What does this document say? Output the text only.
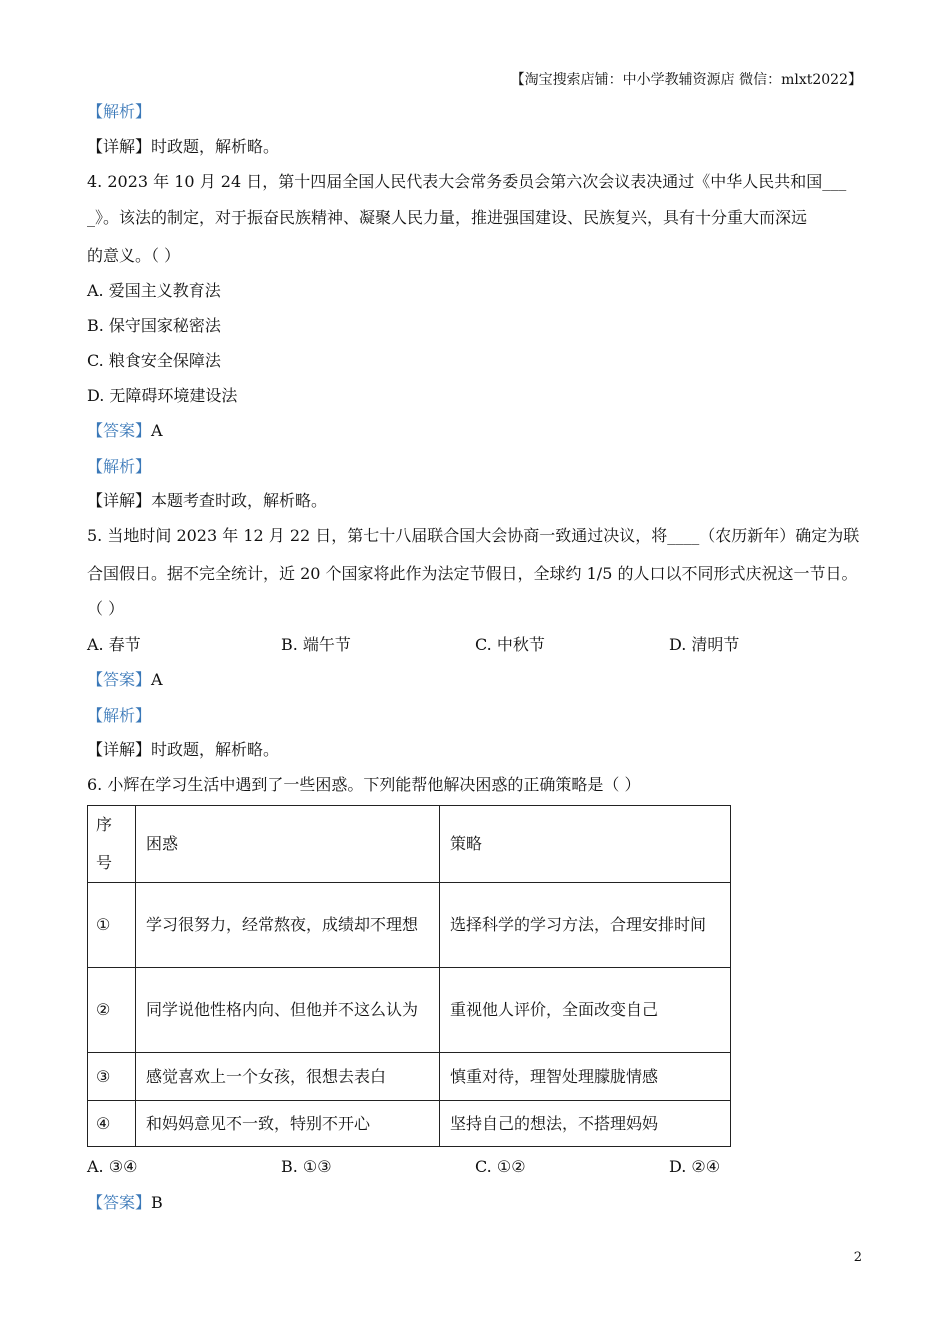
【淘宝搜索店铺：中小学教辅资源店 微信：mlxt2022】
【解析】
【详解】时政题，解析略。
4. 2023 年 10 月 24 日，第十四届全国人民代表大会常务委员会第六次会议表决通过《中华人民共和国___
_》。该法的制定，对于振奋民族精神、凝聚人民力量，推进强国建设、民族复兴，具有十分重大而深远
的意义。（ ）
A. 爱国主义教育法
B. 保守国家秘密法
C. 粮食安全保障法
D. 无障碍环境建设法
【答案】A
【解析】
【详解】本题考查时政，解析略。
5. 当地时间 2023 年 12 月 22 日，第七十八届联合国大会协商一致通过决议，将____（农历新年）确定为联
合国假日。据不完全统计，近 20 个国家将此作为法定节假日，全球约 1/5 的人口以不同形式庆祝这一节日。
（ ）
A. 春节	B. 端午节	C. 中秋节	D. 清明节
【答案】A
【解析】
【详解】时政题，解析略。
6. 小辉在学习生活中遇到了一些困惑。下列能帮他解决困惑的正确策略是（ ）
序号	困惑	策略
①	学习很努力，经常熬夜，成绩却不理想	选择科学的学习方法，合理安排时间
②	同学说他性格内向、但他并不这么认为	重视他人评价，全面改变自己
③	感觉喜欢上一个女孩，很想去表白	慎重对待，理智处理朦胧情感
④	和妈妈意见不一致，特别不开心	坚持自己的想法，不搭理妈妈
A. ③④	B. ①③	C. ①②	D. ②④
【答案】B
2
